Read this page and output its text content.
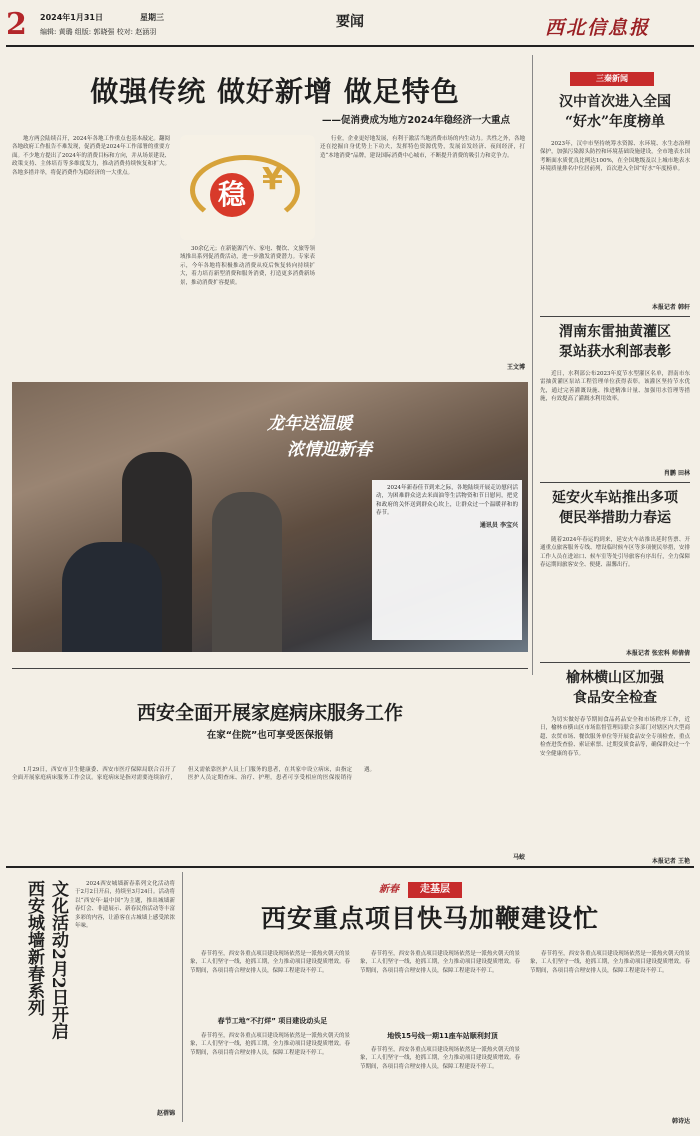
2	2024年1月31日	星期三
编辑: 黄璐 组版: 郭晓强 校对: 赵涵羽
要闻	西北信息报
做强传统 做好新增 做足特色
——促消费成为地方2024年稳经济一大重点

地方两会陆续召开，2024年各地工作重点也基本敲定。翻阅各地政府工作报告不难发现，促消费是2024年工作部署的重要方面。不少地方提出了2024年的消费目标和方向，并从场景建设、政策支持、主体培育等多维度发力，推动消费持续恢复和扩大。各地多措并举，将促消费作为稳经济的一大重点。

稳 ¥

30余亿元；在新能源汽车、家电、餐饮、文旅等领域推出系列促消费活动，进一步激发消费潜力。专家表示，今年各地将积极推动消费从疫后恢复转向持续扩大，着力培育新型消费和服务消费，打造更多消费新场景，推动消费扩容提质。

行业，企业更好地发展，有利于激活当地消费市场的内生动力。共性之外，各地还在挖掘自身优势上下功夫，发挥特色资源优势，发展首发经济、夜间经济，打造“本地消费”品牌，建设国际消费中心城市，不断提升消费的吸引力和竞争力。

王文博
龙年送温暖
浓情迎新春

2024年新春佳节到来之际，各地陆续开展走访慰问活动，为困难群众送去米面油等生活物资和节日慰问，把党和政府的关怀送到群众心坎上，让群众过一个温暖祥和的春节。

通讯员 李宝兴
三秦新闻
汉中首次进入全国
“好水”年度榜单

2023年，汉中市坚持统筹水资源、水环境、水生态治理保护，加强污染源头防控和环境基础设施建设，全市地表水国考断面水质优良比例达100%，在全国地级及以上城市地表水环境质量排名中位居前列，首次进入全国“好水”年度榜单。

本报记者 韩轩
渭南东雷抽黄灌区
泵站获水利部表彰

近日，水利部公布2023年度节水型灌区名单，渭南市东雷抽黄灌区泵站工程管理单位获得表彰。该灌区坚持节水优先，通过完善灌溉设施、推进精准计量、加强用水管理等措施，有效提高了灌溉水利用效率。

肖鹏 田林
延安火车站推出多项
便民举措助力春运

随着2024年春运的到来，延安火车站推出延时售票、开通重点旅客服务专线、增设临时候车区等多项便民举措，安排工作人员在进站口、候车室等处引导旅客有序出行，全力保障春运期间旅客安全、便捷、温馨出行。

本报记者 张宏科 师倩倩
榆林横山区加强
食品安全检查

为切实做好春节期间食品药品安全和市场秩序工作，近日，榆林市横山区市场监督管理局联合多部门对辖区内大型商超、农贸市场、餐饮服务单位等开展食品安全专项检查，重点检查进货查验、索证索票、过期变质食品等，确保群众过一个安全健康的春节。

本报记者 王艳
西安全面开展家庭病床服务工作
在家“住院”也可享受医保报销

1月29日，西安市卫生健康委、西安市医疗保障局联合召开了全面开展家庭病床服务工作会议。家庭病床是指对需要连续治疗，但又需依靠医护人员上门服务的患者，在其家中设立病床，由指定医护人员定期查床、治疗、护理，患者可享受相应的医保报销待遇。

马蛟
文化活动2月2日开启
西安城墙新春系列	2024西安城墙新春系列文化活动将于2月2日开启，持续至3月24日。活动将以“西安年·最中国”为主题，推出城墙新春灯会、非遗展示、新春民俗活动等丰富多彩的内容，让游客在古城墙上感受浓浓年味。

赵蓓锦
新春	走基层
西安重点项目快马加鞭建设忙

春节将至，西安各重点项目建设现场依然是一派热火朝天的景象，工人们坚守一线，抢抓工期，全力推动项目建设提质增效。春节期间，各项目将合理安排人员，保障工程建设不停工。

春节工地“不打烊” 项目建设动头足

春节将至，西安各重点项目建设现场依然是一派热火朝天的景象，工人们坚守一线，抢抓工期，全力推动项目建设提质增效。春节期间，各项目将合理安排人员，保障工程建设不停工。

春节将至，西安各重点项目建设现场依然是一派热火朝天的景象，工人们坚守一线，抢抓工期，全力推动项目建设提质增效。春节期间，各项目将合理安排人员，保障工程建设不停工。

地铁15号线一期11座车站顺利封顶

春节将至，西安各重点项目建设现场依然是一派热火朝天的景象，工人们坚守一线，抢抓工期，全力推动项目建设提质增效。春节期间，各项目将合理安排人员，保障工程建设不停工。

春节将至，西安各重点项目建设现场依然是一派热火朝天的景象，工人们坚守一线，抢抓工期，全力推动项目建设提质增效。春节期间，各项目将合理安排人员，保障工程建设不停工。

韩诗达
